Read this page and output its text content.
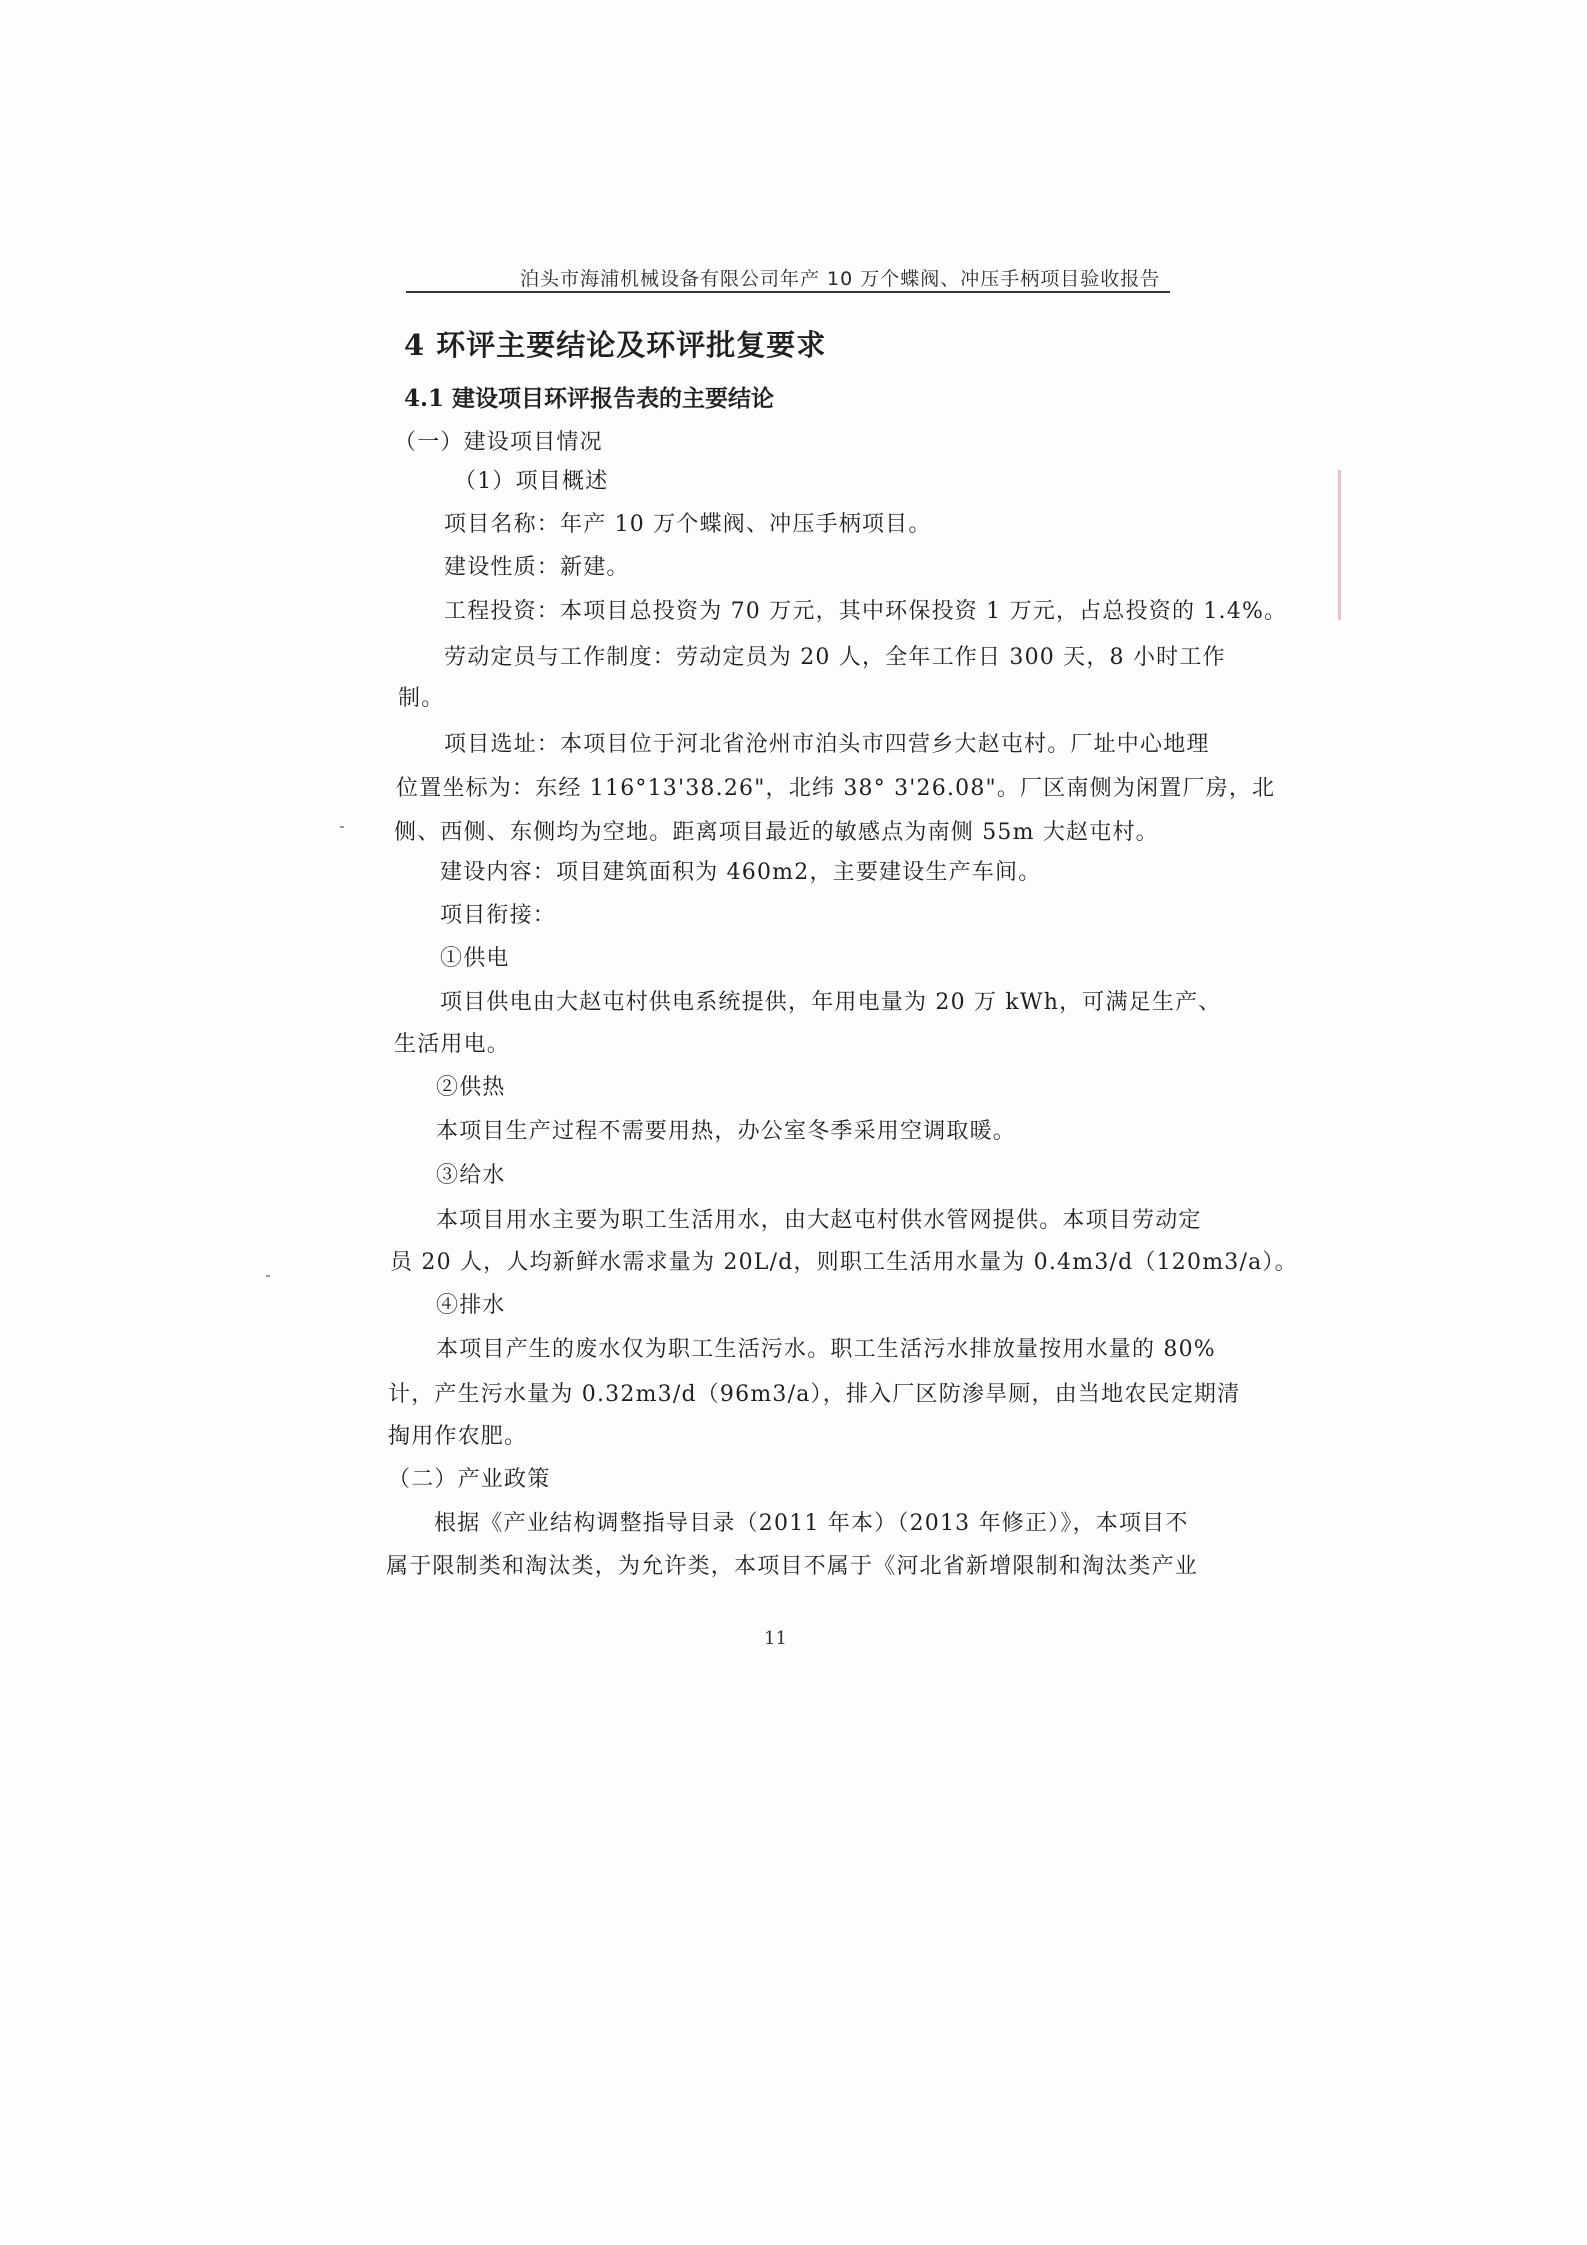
泊头市海浦机械设备有限公司年产 10 万个蝶阀、冲压手柄项目验收报告
4 环评主要结论及环评批复要求
4.1 建设项目环评报告表的主要结论
（一）建设项目情况
（1）项目概述
项目名称：年产 10 万个蝶阀、冲压手柄项目。
建设性质：新建。
工程投资：本项目总投资为 70 万元，其中环保投资 1 万元，占总投资的 1.4%。
劳动定员与工作制度：劳动定员为 20 人，全年工作日 300 天，8 小时工作
制。
项目选址：本项目位于河北省沧州市泊头市四营乡大赵屯村。厂址中心地理
位置坐标为：东经 116°13'38.26"，北纬 38° 3'26.08"。厂区南侧为闲置厂房，北
侧、西侧、东侧均为空地。距离项目最近的敏感点为南侧 55m 大赵屯村。
建设内容：项目建筑面积为 460m2，主要建设生产车间。
项目衔接：
①供电
项目供电由大赵屯村供电系统提供，年用电量为 20 万 kWh，可满足生产、
生活用电。
②供热
本项目生产过程不需要用热，办公室冬季采用空调取暖。
③给水
本项目用水主要为职工生活用水，由大赵屯村供水管网提供。本项目劳动定
员 20 人，人均新鲜水需求量为 20L/d，则职工生活用水量为 0.4m3/d（120m3/a）。
④排水
本项目产生的废水仅为职工生活污水。职工生活污水排放量按用水量的 80%
计，产生污水量为 0.32m3/d（96m3/a），排入厂区防渗旱厕，由当地农民定期清
掏用作农肥。
（二）产业政策
根据《产业结构调整指导目录（2011 年本）（2013 年修正）》，本项目不
属于限制类和淘汰类，为允许类，本项目不属于《河北省新增限制和淘汰类产业
11
